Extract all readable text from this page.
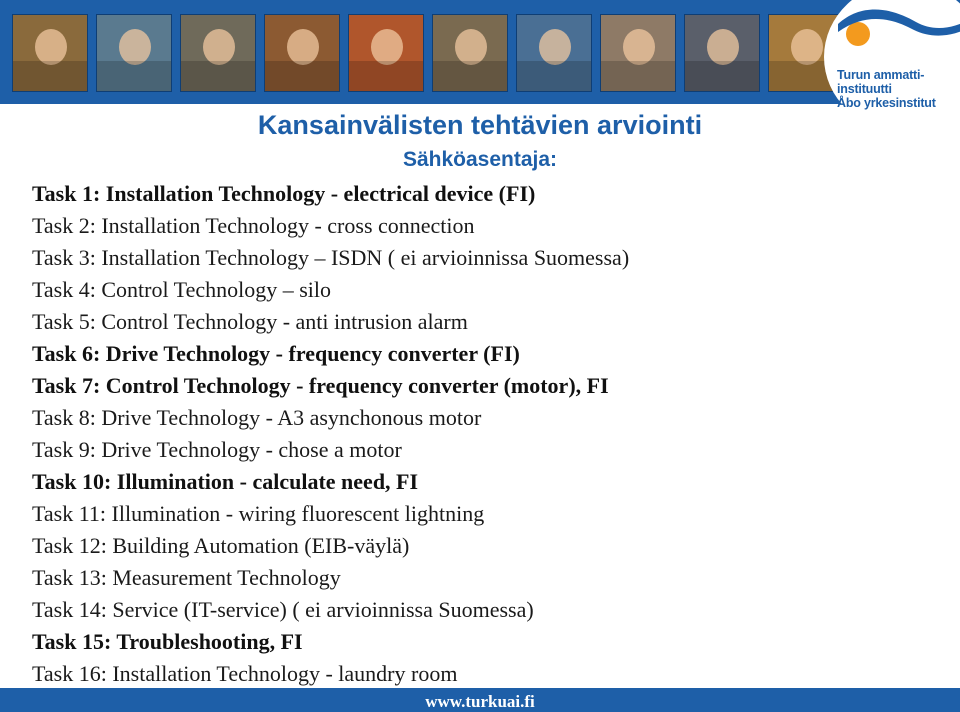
Turun ammatti-instituutti
Åbo yrkesinstitut
Kansainvälisten tehtävien arviointi
Sähköasentaja:
Task 1: Installation Technology - electrical device (FI)
Task 2: Installation Technology - cross connection
Task 3: Installation Technology – ISDN ( ei arvioinnissa Suomessa)
Task 4: Control Technology – silo
Task 5: Control Technology - anti intrusion alarm
Task 6: Drive Technology - frequency converter (FI)
Task 7: Control Technology - frequency converter (motor), FI
Task 8: Drive Technology - A3 asynchonous motor
Task 9: Drive Technology - chose a motor
Task 10: Illumination - calculate need, FI
Task 11: Illumination - wiring fluorescent lightning
Task 12: Building Automation (EIB-väylä)
Task 13: Measurement Technology
Task 14: Service (IT-service) ( ei arvioinnissa Suomessa)
Task 15: Troubleshooting, FI
Task 16: Installation Technology - laundry room
www.turkuai.fi
